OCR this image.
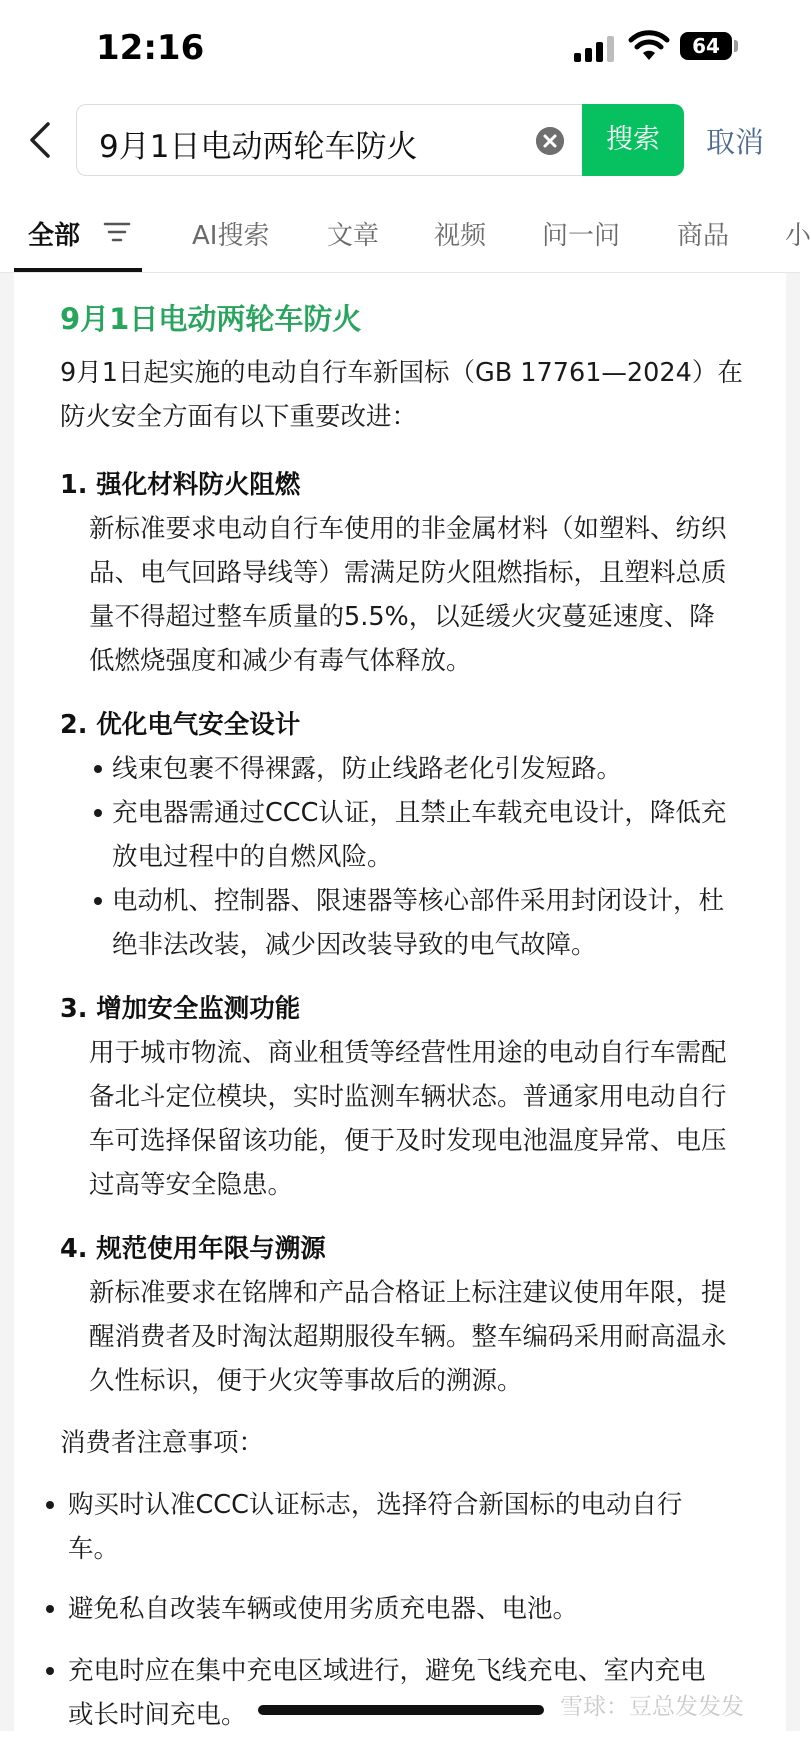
12:16	64
9月1日电动两轮车防火	搜索	取消
全部	AI搜索 文章 视频 问一问 商品 小
9月1日电动两轮车防火
9月1日起实施的电动自行车新国标（GB 17761—2024）在
防火安全方面有以下重要改进：
1. 强化材料防火阻燃
新标准要求电动自行车使用的非金属材料（如塑料、纺织
品、电气回路导线等）需满足防火阻燃指标，且塑料总质
量不得超过整车质量的5.5%，以延缓火灾蔓延速度、降
低燃烧强度和减少有毒气体释放。
2. 优化电气安全设计
线束包裹不得裸露，防止线路老化引发短路。
充电器需通过CCC认证，且禁止车载充电设计，降低充
放电过程中的自燃风险。
电动机、控制器、限速器等核心部件采用封闭设计，杜
绝非法改装，减少因改装导致的电气故障。
3. 增加安全监测功能
用于城市物流、商业租赁等经营性用途的电动自行车需配
备北斗定位模块，实时监测车辆状态。普通家用电动自行
车可选择保留该功能，便于及时发现电池温度异常、电压
过高等安全隐患。
4. 规范使用年限与溯源
新标准要求在铭牌和产品合格证上标注建议使用年限，提
醒消费者及时淘汰超期服役车辆。整车编码采用耐高温永
久性标识，便于火灾等事故后的溯源。
消费者注意事项：
购买时认准CCC认证标志，选择符合新国标的电动自行
车。
避免私自改装车辆或使用劣质充电器、电池。
充电时应在集中充电区域进行，避免飞线充电、室内充电
或长时间充电。	雪球：豆总发发发
